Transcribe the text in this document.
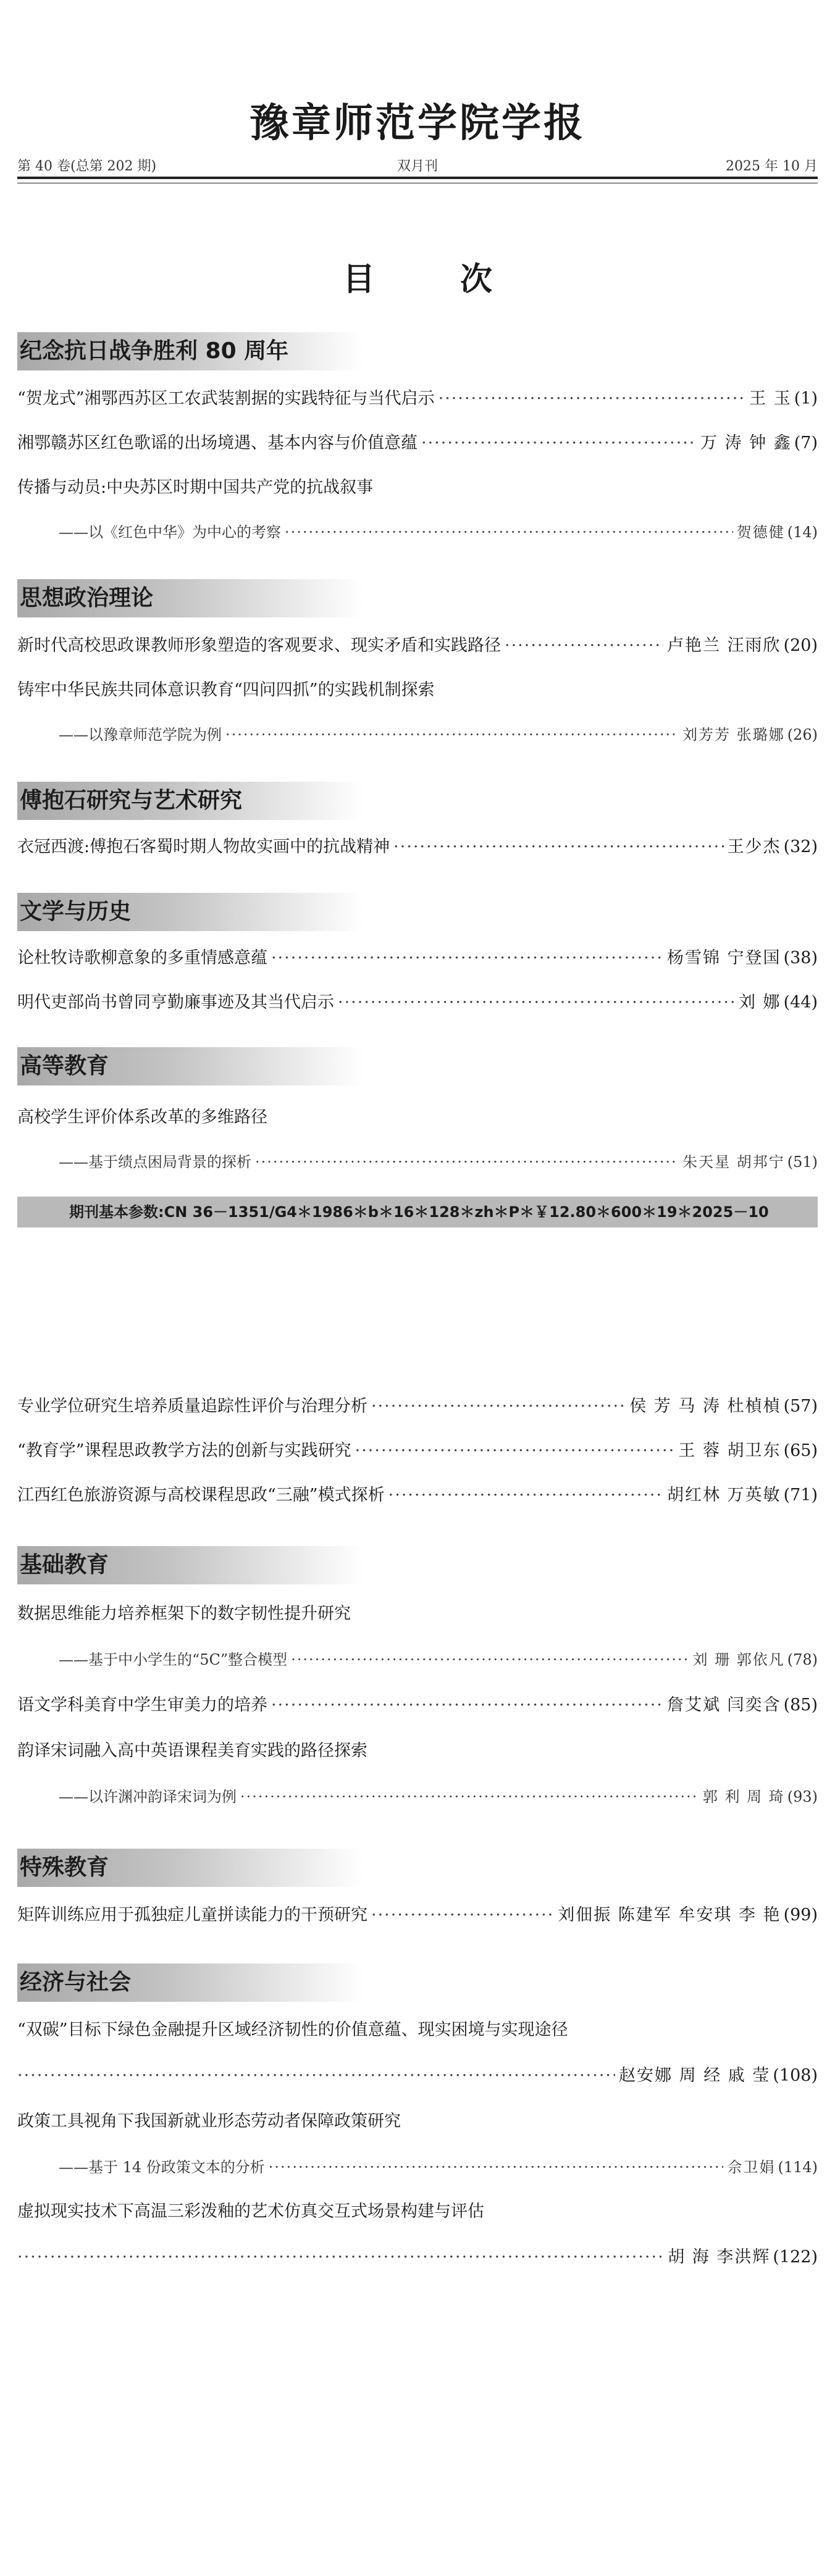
豫章师范学院学报
第 40 卷(总第 202 期)	双月刊	2025 年 10 月
目 次
纪念抗日战争胜利 80 周年
“贺龙式”湘鄂西苏区工农武装割据的实践特征与当代启示 ·····	王 玉 (1)
湘鄂赣苏区红色歌谣的出场境遇、基本内容与价值意蕴 ·····	万 涛 钟 鑫 (7)
传播与动员:中央苏区时期中国共产党的抗战叙事
——以《红色中华》为中心的考察 ·····	贺德健 (14)
思想政治理论
新时代高校思政课教师形象塑造的客观要求、现实矛盾和实践路径 ·····	卢艳兰 汪雨欣 (20)
铸牢中华民族共同体意识教育“四问四抓”的实践机制探索
——以豫章师范学院为例 ·····	刘芳芳 张璐娜 (26)
傅抱石研究与艺术研究
衣冠西渡:傅抱石客蜀时期人物故实画中的抗战精神 ·····	王少杰 (32)
文学与历史
论杜牧诗歌柳意象的多重情感意蕴 ·····	杨雪锦 宁登国 (38)
明代吏部尚书曾同亨勤廉事迹及其当代启示 ·····	刘 娜 (44)
高等教育
高校学生评价体系改革的多维路径
——基于绩点困局背景的探析 ·····	朱天星 胡邦宁 (51)
期刊基本参数:CN 36－1351/G4＊1986＊b＊16＊128＊zh＊P＊￥12.80＊600＊19＊2025－10
专业学位研究生培养质量追踪性评价与治理分析 ·····	侯 芳 马 涛 杜楨楨 (57)
“教育学”课程思政教学方法的创新与实践研究 ·····	王 蓉 胡卫东 (65)
江西红色旅游资源与高校课程思政“三融”模式探析 ·····	胡红林 万英敏 (71)
基础教育
数据思维能力培养框架下的数字韧性提升研究
——基于中小学生的“5C”整合模型 ·····	刘 珊 郭依凡 (78)
语文学科美育中学生审美力的培养 ·····	詹艾斌 闫奕含 (85)
韵译宋词融入高中英语课程美育实践的路径探索
——以许渊冲韵译宋词为例 ·····	郭 利 周 琦 (93)
特殊教育
矩阵训练应用于孤独症儿童拼读能力的干预研究 ·····	刘佃振 陈建军 牟安琪 李 艳 (99)
经济与社会
“双碳”目标下绿色金融提升区域经济韧性的价值意蕴、现实困境与实现途径
·····
赵安娜 周 经 戚 莹 (108)
政策工具视角下我国新就业形态劳动者保障政策研究
——基于 14 份政策文本的分析 ·····	佘卫娟 (114)
虚拟现实技术下高温三彩泼釉的艺术仿真交互式场景构建与评估
·····
胡 海 李洪辉 (122)
